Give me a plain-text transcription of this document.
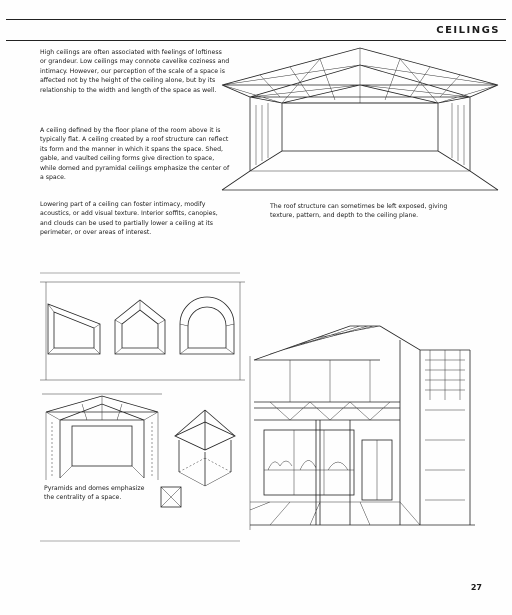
CEILINGS
High ceilings are often associated with feelings of loftiness or grandeur. Low ceilings may connote cavelike coziness and intimacy. However, our perception of the scale of a space is affected not by the height of the ceiling alone, but by its relationship to the width and length of the space as well.
A ceiling defined by the floor plane of the room above it is typically flat. A ceiling created by a roof structure can reflect its form and the manner in which it spans the space. Shed, gable, and vaulted ceiling forms give direction to space, while domed and pyramidal ceilings emphasize the center of a space.
Lowering part of a ceiling can foster intimacy, modify acoustics, or add visual texture. Interior soffits, canopies, and clouds can be used to partially lower a ceiling at its perimeter, or over areas of interest.
The roof structure can sometimes be left exposed, giving texture, pattern, and depth to the ceiling plane.
Pyramids and domes emphasize the centrality of a space.
27
